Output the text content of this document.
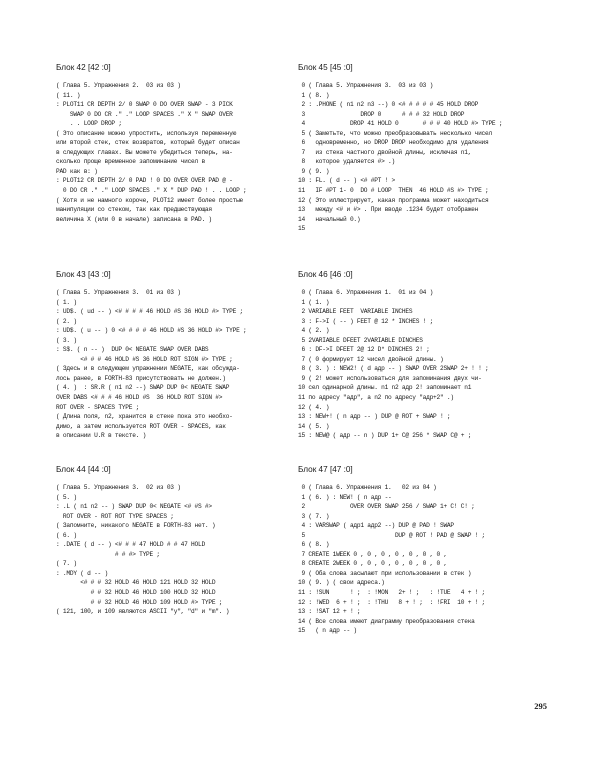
Блок 42 [42 :0]
( Глава 5. Упражнения 2.  03 из 03 )
( 11. )
: PLOT11 CR DEPTH 2/ 0 SWAP 0 DO OVER SWAP - 3 PICK
SWAP 0 DO CR ." ." LOOP SPACES ." X " SWAP OVER
. . LOOP DROP ;
( Это описание можно упростить, используя переменную
или второй стек, стек возвратов, который будет описан
в следующих главах. Вы можете убедиться теперь, на-
сколько проще временное запоминание чисел в
PAD как в: )
: PLOT12 CR DEPTH 2/ 0 PAD ! 0 DO OVER OVER PAD @ -
0 DO CR ." ." LOOP SPACES ." X " DUP PAD ! . . LOOP ;
( Хотя и не намного короче, PLOT12 имеет более простые
манипуляции со стеком, так как предшествующая
величина X (или 0 в начале) записана в PAD. )
Блок 43 [43 :0]
( Глава 5. Упражнения 3.  01 из 03 )
( 1. )
: UD$. ( ud -- ) <# # # # 46 HOLD #S 36 HOLD #> TYPE ;
( 2. )
: UD$. ( u -- ) 0 <# # # # 46 HOLD #S 36 HOLD #> TYPE ;
( 3. )
: S$. ( n -- )  DUP 0< NEGATE SWAP OVER DABS
<# # # 46 HOLD #S 36 HOLD ROT SIGN #> TYPE ;
( Здесь и в следующем упражнении NEGATE, как обсужда-
лось ранее, в FORTH-83 присутствовать не должен.)
( 4. )  : SR.R ( n1 n2 --) SWAP DUP 0< NEGATE SWAP
OVER DABS <# # # 46 HOLD #S  36 HOLD ROT SIGN #>
ROT OVER - SPACES TYPE ;
( Длина поля, n2, хранится в стеке пока это необхо-
димо, а затем используется ROT OVER - SPACES, как
в описании U.R в тексте. )
Блок 44 [44 :0]
( Глава 5. Упражнения 3.  02 из 03 )
( 5. )
: .L ( n1 n2 -- ) SWAP DUP 0< NEGATE <# #S #>
ROT OVER - ROT ROT TYPE SPACES ;
( Запомните, никакого NEGATE в FORTH-83 нет. )
( 6. )
: .DATE ( d -- ) <# # # 47 HOLD # # 47 HOLD
# # #> TYPE ;
( 7. )
: .MDY ( d -- )
<# # # 32 HOLD 46 HOLD 121 HOLD 32 HOLD
# # 32 HOLD 46 HOLD 100 HOLD 32 HOLD
# # 32 HOLD 46 HOLD 109 HOLD #> TYPE ;
( 121, 100, и 109 являются ASCII "y", "d" и "m". )
Блок 45 [45 :0]
0 ( Глава 5. Упражнения 3.  03 из 03 )
1 ( 8. )
2 : .PHONE ( n1 n2 n3 --) 0 <# # # # # 45 HOLD DROP
3                DROP 0      # # # 32 HOLD DROP
4             DROP 41 HOLD 0       # # # 40 HOLD #> TYPE ;
5 ( Заметьте, что можно преобразовывать несколько чисел
6   одновременно, но DROP DROP необходимо для удаления
7   из стека частного двойной длины, исключая n1,
8   которое удаляется #> .)
9 ( 9. )
10 : FL. ( d -- ) <# #PT ! >
11   IF #PT 1- 0  DO # LOOP  THEN  46 HOLD #S #> TYPE ;
12 ( Это иллюстрирует, какая программа может находиться
13   между <# и #> . При вводе .1234 будет отображен
14   начальный 0.)
15
Блок 46 [46 :0]
0 ( Глава 6. Упражнения 1.  01 из 04 )
1 ( 1. )
2 VARIABLE FEET  VARIABLE INCHES
3 : F->I ( -- ) FEET @ 12 * INCHES ! ;
4 ( 2. )
5 2VARIABLE DFEET 2VARIABLE DINCHES
6 : DF->I DFEET 2@ 12 D* DINCHES 2! ;
7 ( 0 формирует 12 чисел двойной длины. )
8 ( 3. ) : NEW2! ( d адр -- ) SWAP OVER 2SWAP 2+ ! ! ;
9 ( 2! может использоваться для запоминания двух чи-
10 сел одинарной длины. n1 n2 адр 2! запоминает n1
11 по адресу "адр", а n2 по адресу "адр+2" .)
12 ( 4. )
13 : NEW+! ( n адр -- ) DUP @ ROT + SWAP ! ;
14 ( 5. )
15 : NEW@ ( адр -- n ) DUP 1+ C@ 256 * SWAP C@ + ;
Блок 47 [47 :0]
0 ( Глава 6. Упражнения 1.   02 из 04 )
1 ( 6. ) : NEW! ( n адр --
2             OVER OVER SWAP 256 / SWAP 1+ C! C! ;
3 ( 7. )
4 : VARSWAP ( адр1 адр2 --) DUP @ PAD ! SWAP
5                          DUP @ ROT ! PAD @ SWAP ! ;
6 ( 8. )
7 CREATE 1WEEK 0 , 0 , 0 , 0 , 0 , 0 , 0 ,
8 CREATE 2WEEK 0 , 0 , 0 , 0 , 0 , 0 , 0 ,
9 ( Оба слова засылают при использовании в стек )
10 ( 9. ) ( свои адреса.)
11 : !SUN      ! ;  : !MON   2+ ! ;   : !TUE   4 + ! ;
12 : !WED  6 + ! ;  : !THU   8 + ! ;  : !FRI  10 + ! ;
13 : !SAT 12 + ! ;
14 ( Все слова имеют диаграмму преобразования стека
15   ( n адр -- )
295
